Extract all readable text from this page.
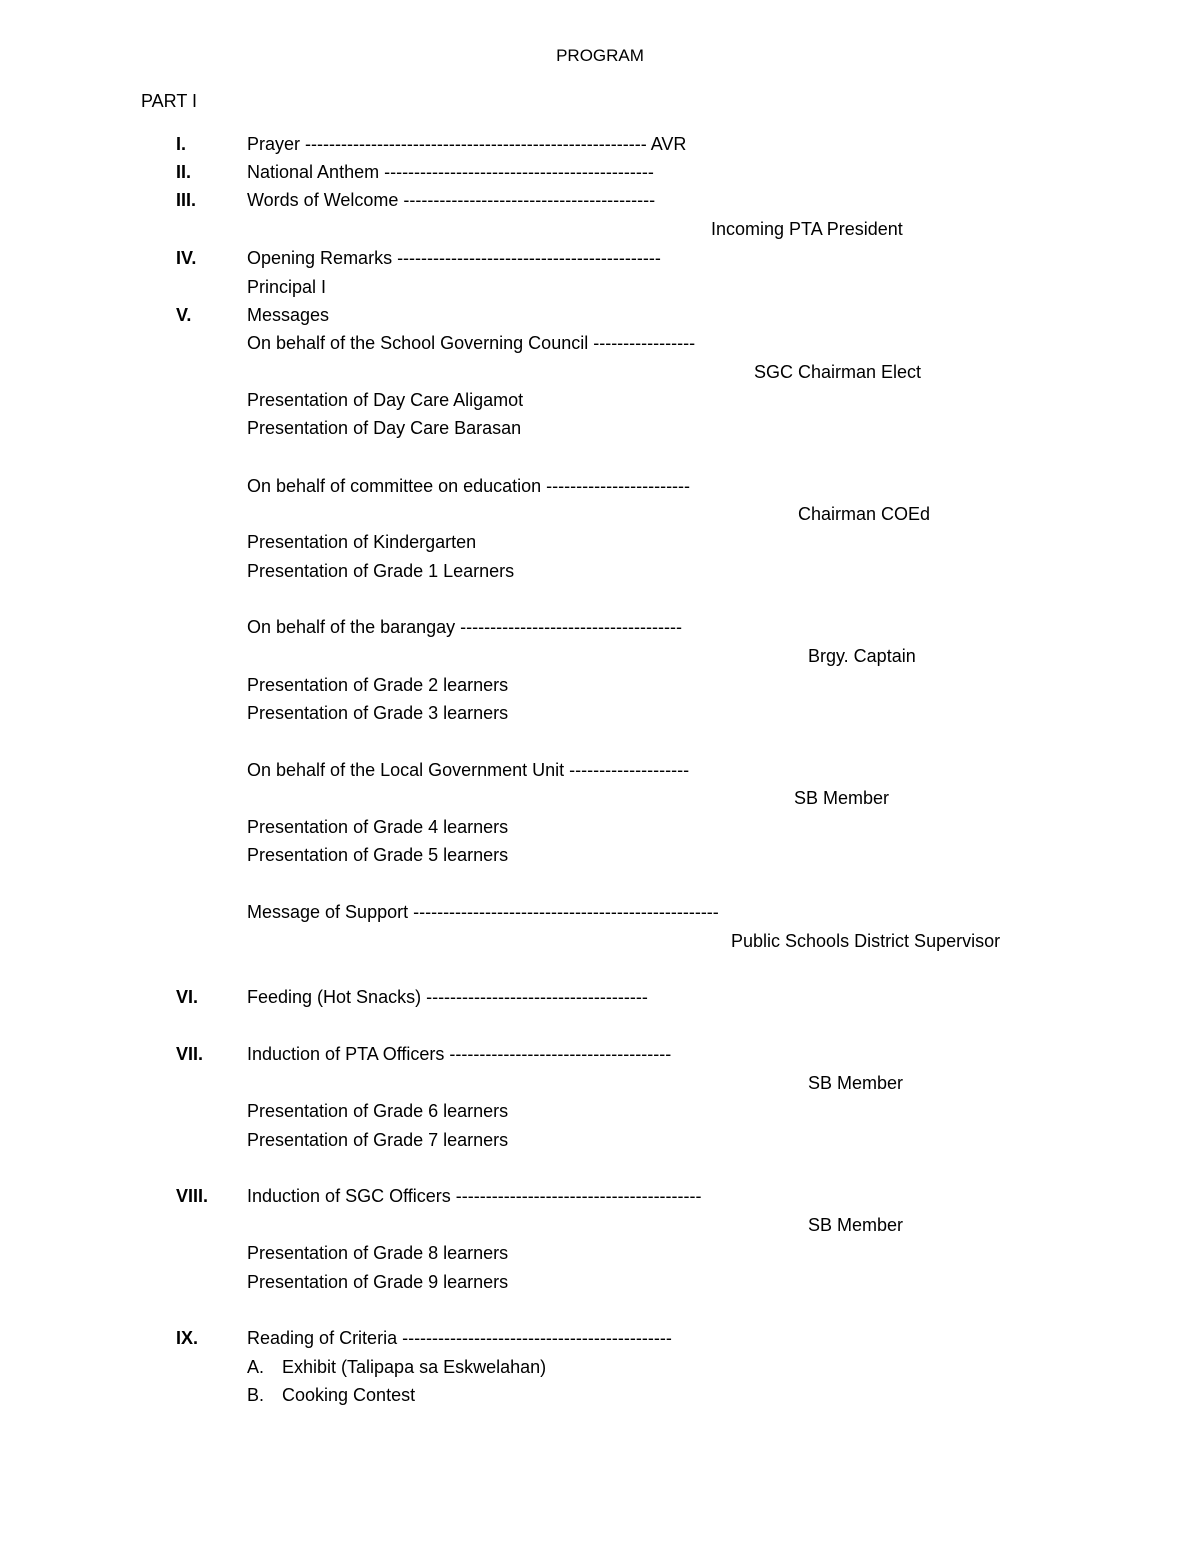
PROGRAM
PART I
I.	Prayer --------------------------------------------------------- AVR
II.	National Anthem ---------------------------------------------
III.	Words of Welcome ------------------------------------------
Incoming PTA President
IV.	Opening Remarks --------------------------------------------
Principal I
V.	Messages
On behalf of the School Governing Council -----------------
SGC Chairman Elect
Presentation of Day Care Aligamot
Presentation of Day Care Barasan
On behalf of committee on education ------------------------
Chairman COEd
Presentation of Kindergarten
Presentation of Grade 1 Learners
On behalf of the barangay -------------------------------------
Brgy. Captain
Presentation of Grade 2 learners
Presentation of Grade 3 learners
On behalf of the Local Government Unit --------------------
SB Member
Presentation of Grade 4 learners
Presentation of Grade 5 learners
Message of Support ---------------------------------------------------
Public Schools District Supervisor
VI.	Feeding (Hot Snacks) -------------------------------------
VII. Induction of PTA Officers -------------------------------------
SB Member
Presentation of Grade 6 learners
Presentation of Grade 7 learners
VIII. Induction of SGC Officers -----------------------------------------
SB Member
Presentation of Grade 8 learners
Presentation of Grade 9 learners
IX.	Reading of Criteria ---------------------------------------------
A. Exhibit (Talipapa sa Eskwelahan)
B. Cooking Contest
